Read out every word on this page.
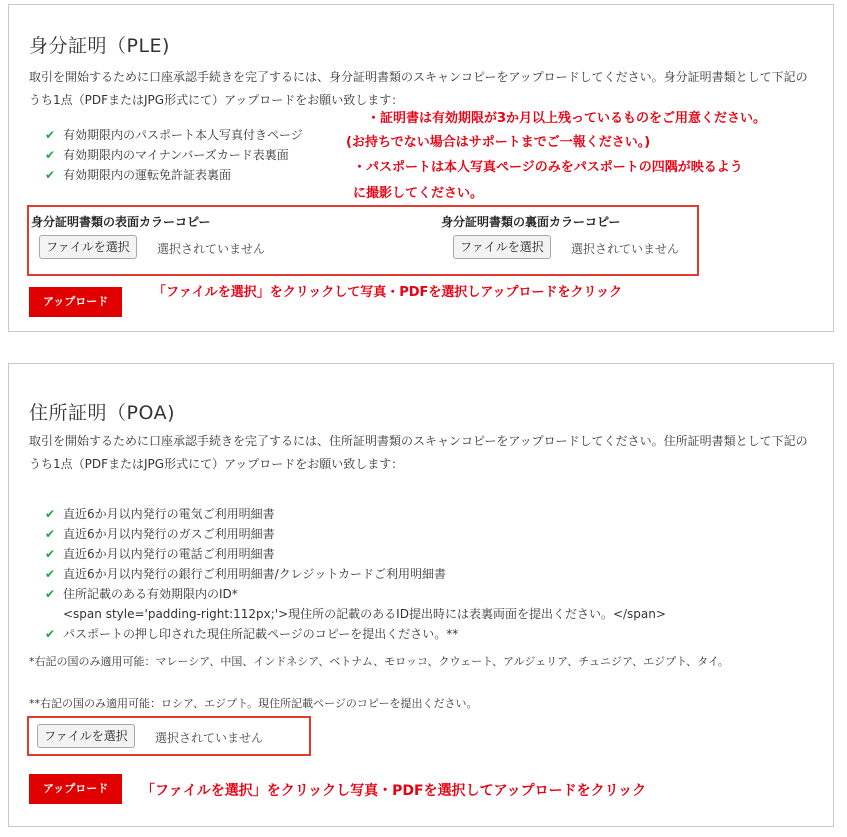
身分証明（PLE)
取引を開始するために口座承認手続きを完了するには、身分証明書類のスキャンコピーをアップロードしてください。身分証明書類として下記のうち1点（PDFまたはJPG形式にて）アップロードをお願い致します：
✔ 有効期限内のパスポート本人写真付きページ
✔ 有効期限内のマイナンバーズカード表裏面
✔ 有効期限内の運転免許証表裏面
・証明書は有効期限が3か月以上残っているものをご用意ください。
(お持ちでない場合はサポートまでご一報ください。)
・パスポートは本人写真ページのみをパスポートの四隅が映るよう
に撮影してください。
身分証明書類の表面カラーコピー
ファイルを選択	選択されていません
身分証明書類の裏面カラーコピー
ファイルを選択	選択されていません
アップロード
「ファイルを選択」をクリックして写真・PDFを選択しアップロードをクリック
住所証明（POA)
取引を開始するために口座承認手続きを完了するには、住所証明書類のスキャンコピーをアップロードしてください。住所証明書類として下記のうち1点（PDFまたはJPG形式にて）アップロードをお願い致します：
✔ 直近6か月以内発行の電気ご利用明細書
✔ 直近6か月以内発行のガスご利用明細書
✔ 直近6か月以内発行の電話ご利用明細書
✔ 直近6か月以内発行の銀行ご利用明細書/クレジットカードご利用明細書
✔ 住所記載のある有効期限内のID*
<span style='padding-right:112px;'>現住所の記載のあるID提出時には表裏両面を提出ください。</span>
✔ パスポートの押し印された現住所記載ページのコピーを提出ください。**
*右記の国のみ適用可能：マレーシア、中国、インドネシア、ベトナム、モロッコ、クウェート、アルジェリア、チュニジア、エジプト、タイ。
**右記の国のみ適用可能：ロシア、エジプト。現住所記載ページのコピーを提出ください。
ファイルを選択	選択されていません
アップロード	「ファイルを選択」をクリックし写真・PDFを選択してアップロードをクリック
